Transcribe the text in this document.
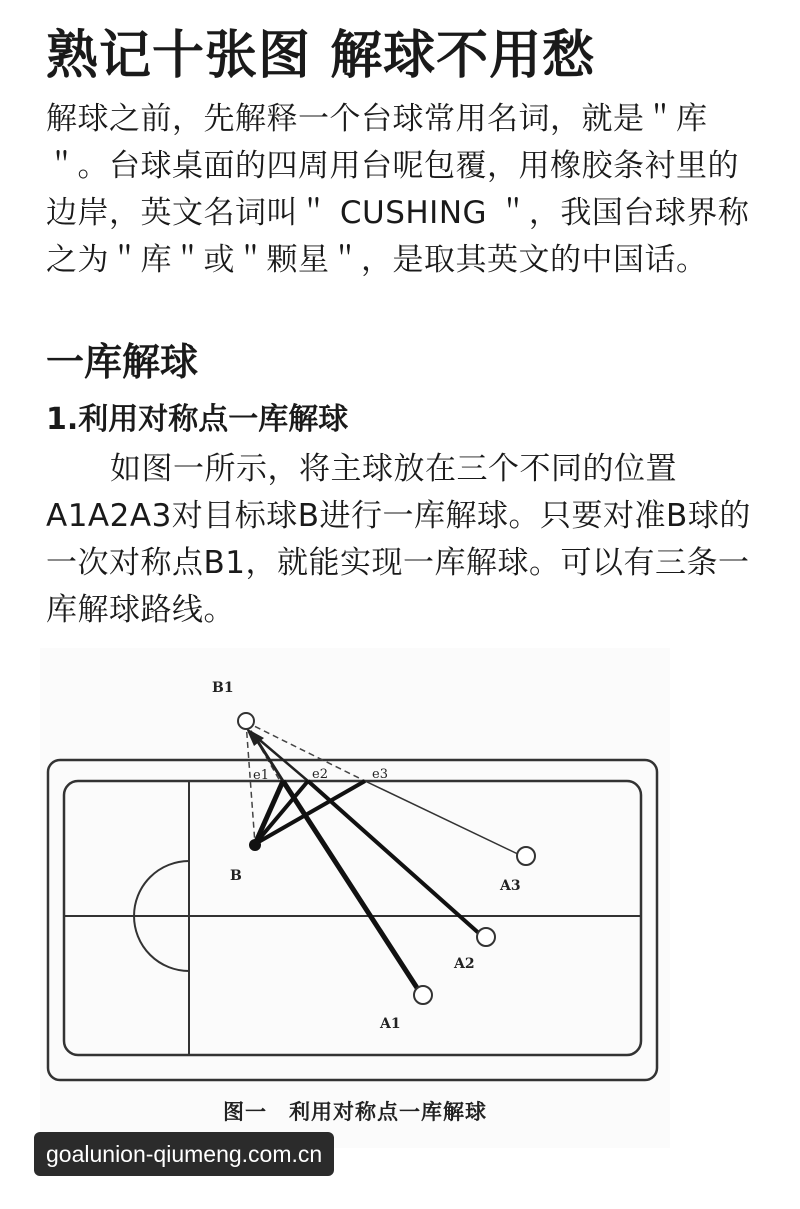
熟记十张图 解球不用愁

解球之前，先解释一个台球常用名词，就是＂库＂。台球桌面的四周用台呢包覆，用橡胶条衬里的边岸，英文名词叫＂ CUSHING ＂，我国台球界称之为＂库＂或＂颗星＂，是取其英文的中国话。

一库解球
1.利用对称点一库解球

如图一所示，将主球放在三个不同的位置A1A2A3对目标球B进行一库解球。只要对准B球的一次对称点B1，就能实现一库解球。可以有三条一库解球路线。

B1
B
e1	e2	e3
A3
A2
A1
图一　利用对称点一库解球
goalunion-qiumeng.com.cn
